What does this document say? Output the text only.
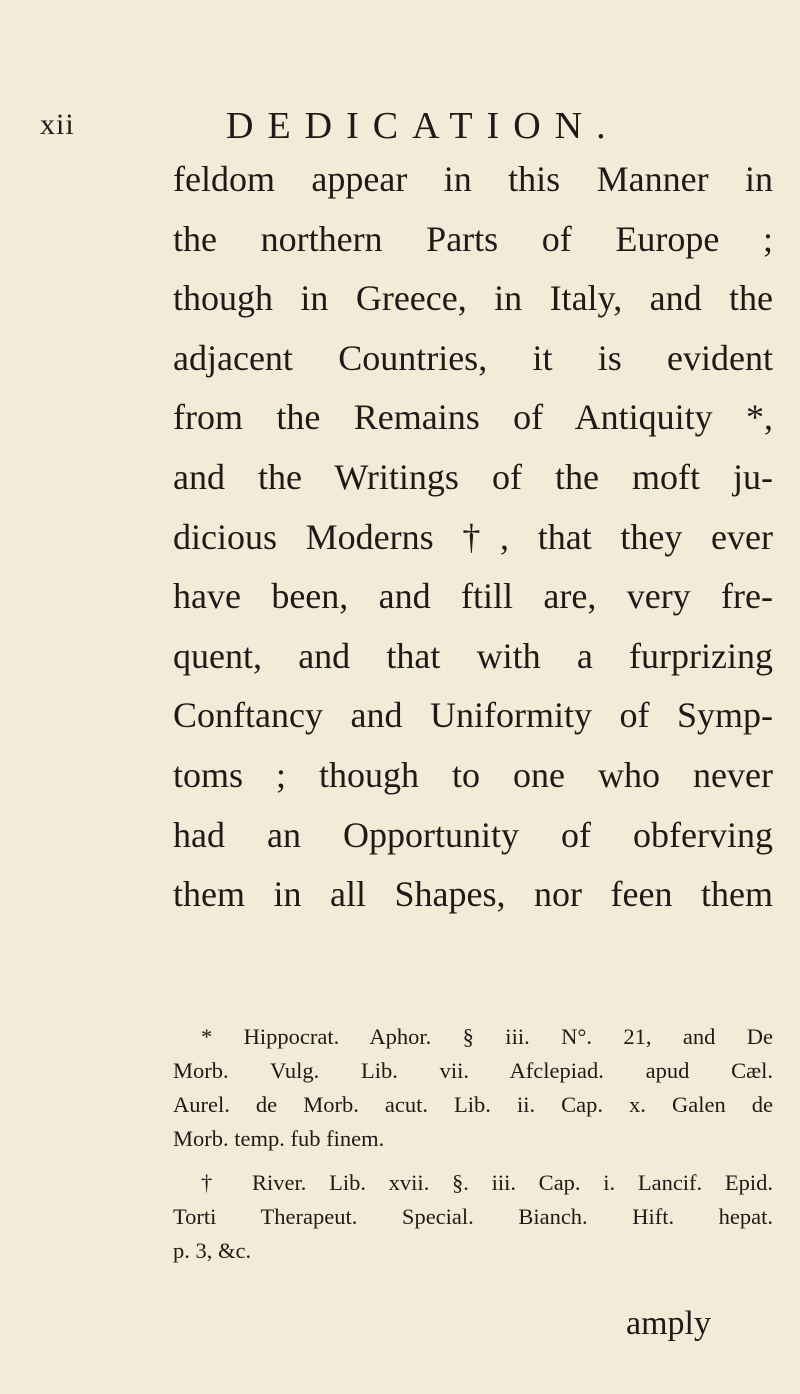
xii	DEDICATION.
feldom appear in this Manner in
the northern Parts of Europe ;
though in Greece, in Italy, and the
adjacent Countries, it is evident
from the Remains of Antiquity *,
and the Writings of the moft ju-
dicious Moderns †, that they ever
have been, and ftill are, very fre-
quent, and that with a furprizing
Conftancy and Uniformity of Symp-
toms ; though to one who never
had an Opportunity of obferving
them in all Shapes, nor feen them
* Hippocrat. Aphor. § iii. N°. 21, and De
Morb. Vulg. Lib. vii. Afclepiad. apud Cæl.
Aurel. de Morb. acut. Lib. ii. Cap. x. Galen de
Morb. temp. fub finem.
† River. Lib. xvii. §. iii. Cap. i. Lancif. Epid.
Torti Therapeut. Special. Bianch. Hift. hepat.
p. 3, &c.
amply
